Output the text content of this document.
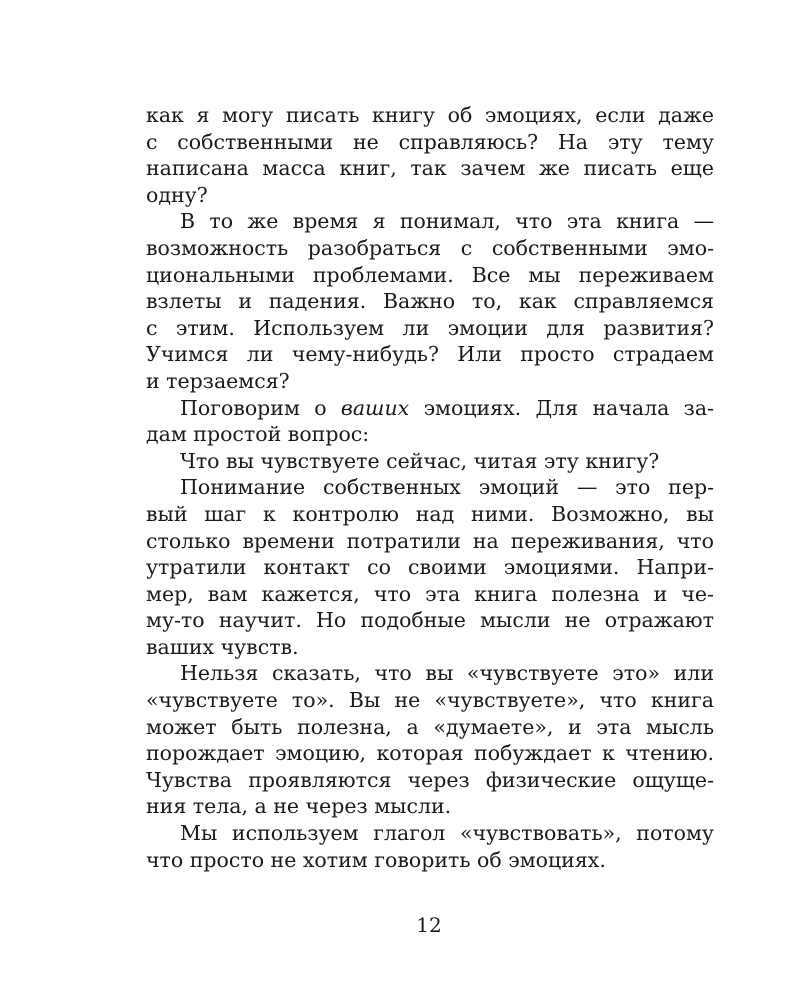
как я могу писать книгу об эмоциях, если даже
с собственными не справляюсь? На эту тему
написана масса книг, так зачем же писать еще
одну?
В то же время я понимал, что эта книга —
возможность разобраться с собственными эмо-
циональными проблемами. Все мы переживаем
взлеты и падения. Важно то, как справляемся
с этим. Используем ли эмоции для развития?
Учимся ли чему-нибудь? Или просто страдаем
и терзаемся?
Поговорим о ваших эмоциях. Для начала за-
дам простой вопрос:
Что вы чувствуете сейчас, читая эту книгу?
Понимание собственных эмоций — это пер-
вый шаг к контролю над ними. Возможно, вы
столько времени потратили на переживания, что
утратили контакт со своими эмоциями. Напри-
мер, вам кажется, что эта книга полезна и че-
му-то научит. Но подобные мысли не отражают
ваших чувств.
Нельзя сказать, что вы «чувствуете это» или
«чувствуете то». Вы не «чувствуете», что книга
может быть полезна, а «думаете», и эта мысль
порождает эмоцию, которая побуждает к чтению.
Чувства проявляются через физические ощуще-
ния тела, а не через мысли.
Мы используем глагол «чувствовать», потому
что просто не хотим говорить об эмоциях.
12
